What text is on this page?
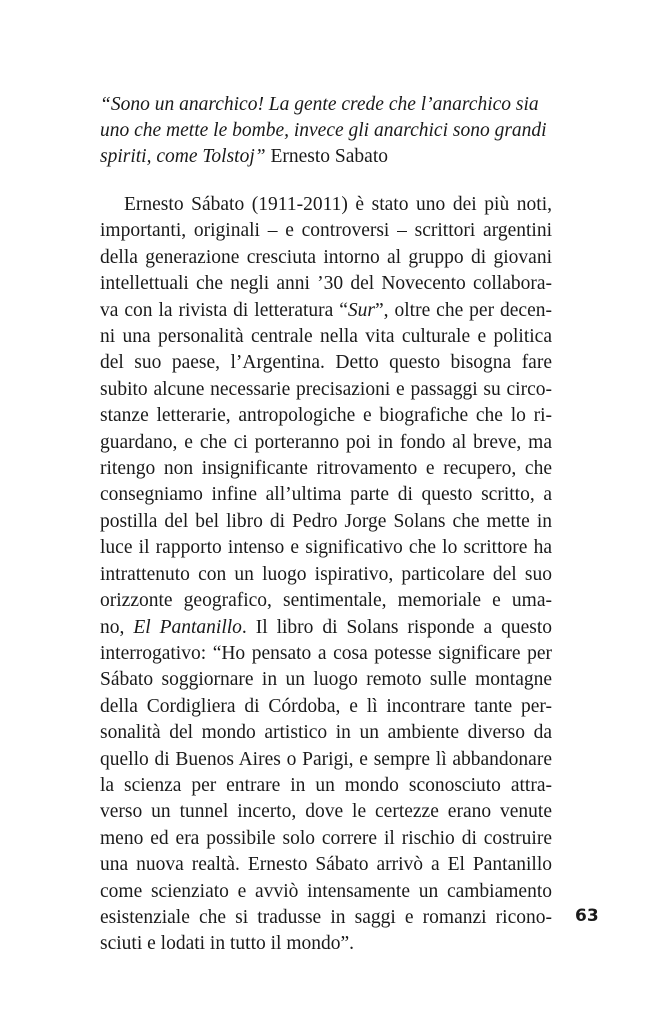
“Sono un anarchico! La gente crede che l’anarchico sia uno che mette le bombe, invece gli anarchici sono grandi spiriti, come Tolstoj” Ernesto Sabato

Ernesto Sábato (1911-2011) è stato uno dei più noti,
importanti, originali – e controversi – scrittori argentini
della generazione cresciuta intorno al gruppo di giovani
intellettuali che negli anni ’30 del Novecento collabora-
va con la rivista di letteratura “Sur”, oltre che per decen-
ni una personalità centrale nella vita culturale e politica
del suo paese, l’Argentina. Detto questo bisogna fare
subito alcune necessarie precisazioni e passaggi su circo-
stanze letterarie, antropologiche e biografiche che lo ri-
guardano, e che ci porteranno poi in fondo al breve, ma
ritengo non insignificante ritrovamento e recupero, che
consegniamo infine all’ultima parte di questo scritto, a
postilla del bel libro di Pedro Jorge Solans che mette in
luce il rapporto intenso e significativo che lo scrittore ha
intrattenuto con un luogo ispirativo, particolare del suo
orizzonte geografico, sentimentale, memoriale e uma-
no, El Pantanillo. Il libro di Solans risponde a questo
interrogativo: “Ho pensato a cosa potesse significare per
Sábato soggiornare in un luogo remoto sulle montagne
della Cordigliera di Córdoba, e lì incontrare tante per-
sonalità del mondo artistico in un ambiente diverso da
quello di Buenos Aires o Parigi, e sempre lì abbandonare
la scienza per entrare in un mondo sconosciuto attra-
verso un tunnel incerto, dove le certezze erano venute
meno ed era possibile solo correre il rischio di costruire
una nuova realtà. Ernesto Sábato arrivò a El Pantanillo
come scienziato e avviò intensamente un cambiamento
esistenziale che si tradusse in saggi e romanzi ricono-
sciuti e lodati in tutto il mondo”.
63
